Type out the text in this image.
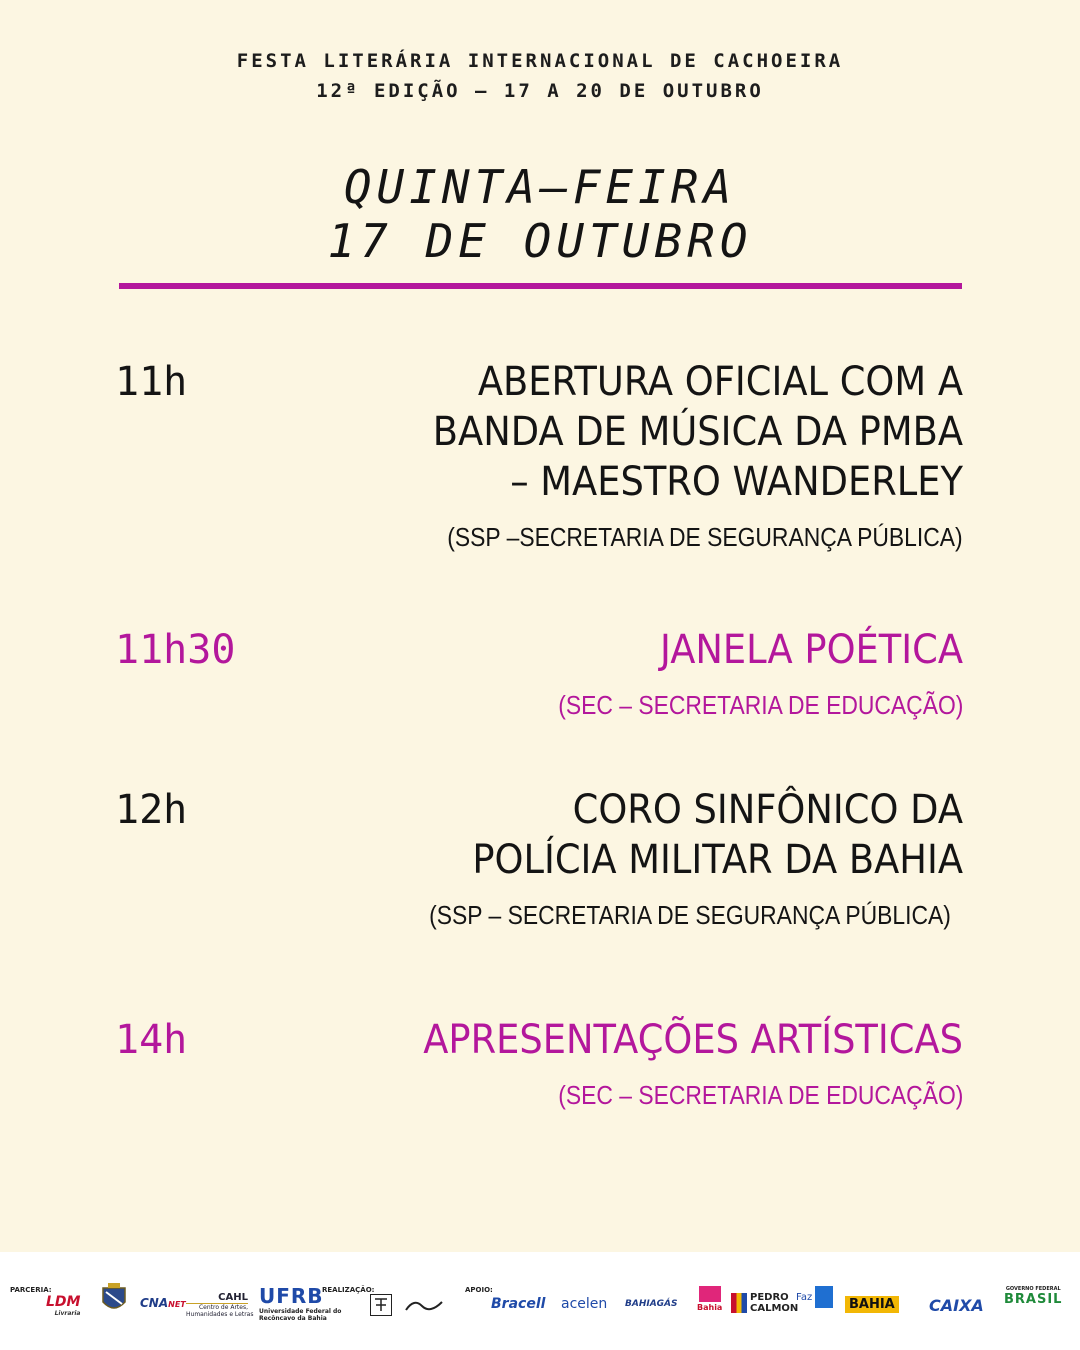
FESTA LITERÁRIA INTERNACIONAL DE CACHOEIRA
12ª EDIÇÃO – 17 A 20 DE OUTUBRO
QUINTA–FEIRA
17 DE OUTUBRO
11h	ABERTURA OFICIAL COM A
BANDA DE MÚSICA DA PMBA
– MAESTRO WANDERLEY
(SSP –SECRETARIA DE SEGURANÇA PÚBLICA)
11h30	JANELA POÉTICA
(SEC – SECRETARIA DE EDUCAÇÃO)
12h	CORO SINFÔNICO DA
POLÍCIA MILITAR DA BAHIA
(SSP – SECRETARIA DE SEGURANÇA PÚBLICA)
14h	APRESENTAÇÕES ARTÍSTICAS
(SEC – SECRETARIA DE EDUCAÇÃO)
PARCERIA:
LDM
Livraria
CNANET
CAHL
Centro de Artes,
Humanidades e Letras
UFRB
Universidade Federal do
Recôncavo da Bahia
REALIZAÇÃO:	APOIO:
Bracell acelen BAHIAGÁS Bahia
PEDRO
CALMON
Faz	BAHIA CAIXA
GOVERNO FEDERAL
BRASIL
